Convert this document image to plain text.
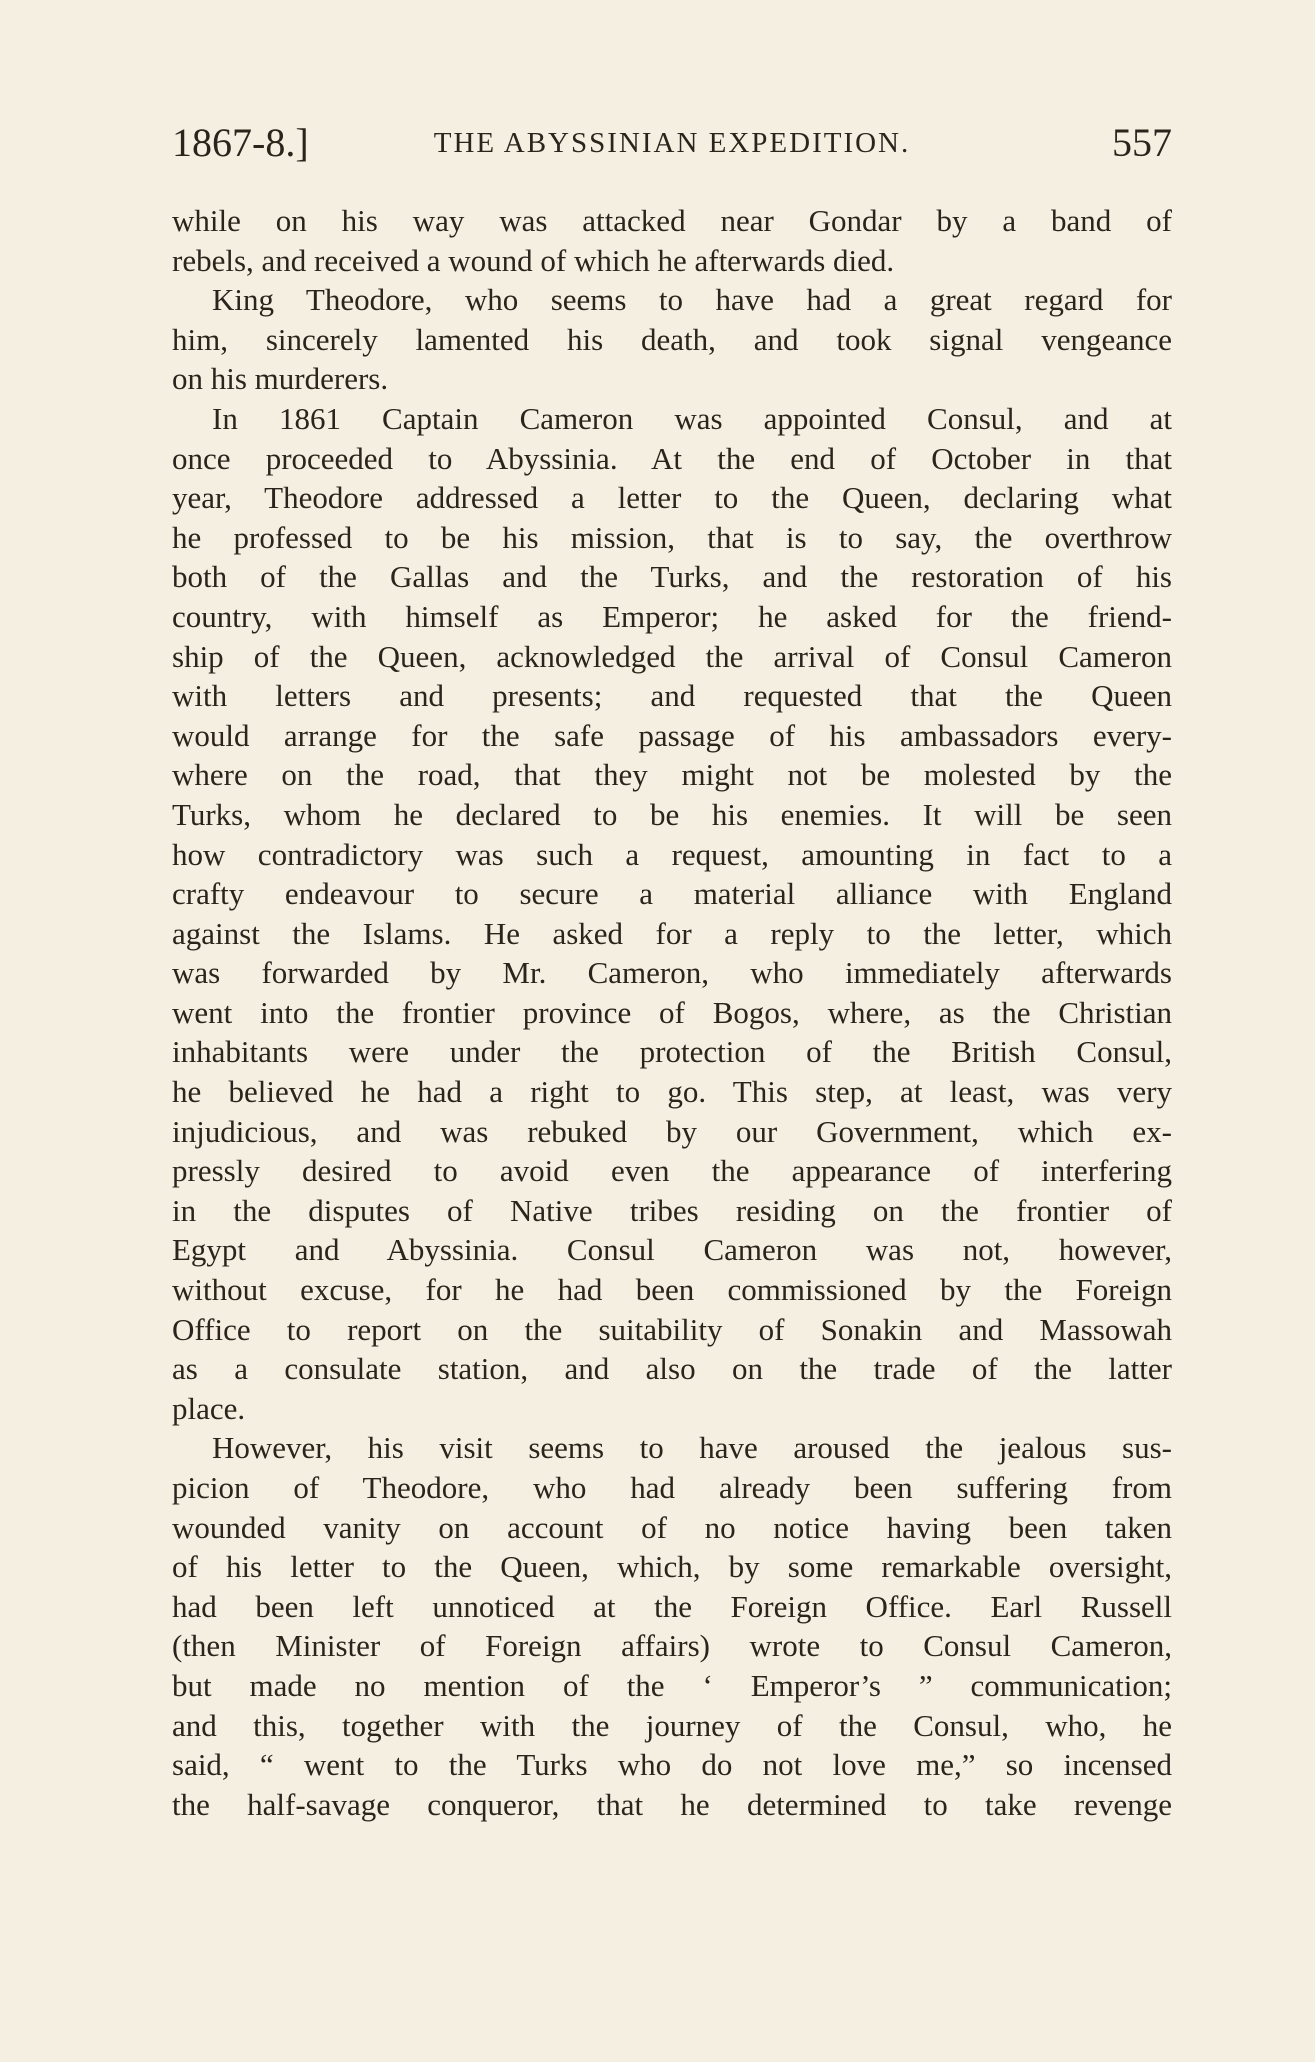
1867-8.]	THE ABYSSINIAN EXPEDITION.	557
while on his way was attacked near Gondar by a band of
rebels, and received a wound of which he afterwards died.
King Theodore, who seems to have had a great regard for
him, sincerely lamented his death, and took signal vengeance
on his murderers.
In 1861 Captain Cameron was appointed Consul, and at
once proceeded to Abyssinia. At the end of October in that
year, Theodore addressed a letter to the Queen, declaring what
he professed to be his mission, that is to say, the overthrow
both of the Gallas and the Turks, and the restoration of his
country, with himself as Emperor; he asked for the friend-
ship of the Queen, acknowledged the arrival of Consul Cameron
with letters and presents; and requested that the Queen
would arrange for the safe passage of his ambassadors every-
where on the road, that they might not be molested by the
Turks, whom he declared to be his enemies. It will be seen
how contradictory was such a request, amounting in fact to a
crafty endeavour to secure a material alliance with England
against the Islams. He asked for a reply to the letter, which
was forwarded by Mr. Cameron, who immediately afterwards
went into the frontier province of Bogos, where, as the Christian
inhabitants were under the protection of the British Consul,
he believed he had a right to go. This step, at least, was very
injudicious, and was rebuked by our Government, which ex-
pressly desired to avoid even the appearance of interfering
in the disputes of Native tribes residing on the frontier of
Egypt and Abyssinia. Consul Cameron was not, however,
without excuse, for he had been commissioned by the Foreign
Office to report on the suitability of Sonakin and Massowah
as a consulate station, and also on the trade of the latter
place.
However, his visit seems to have aroused the jealous sus-
picion of Theodore, who had already been suffering from
wounded vanity on account of no notice having been taken
of his letter to the Queen, which, by some remarkable oversight,
had been left unnoticed at the Foreign Office. Earl Russell
(then Minister of Foreign affairs) wrote to Consul Cameron,
but made no mention of the ‘ Emperor’s ” communication;
and this, together with the journey of the Consul, who, he
said, “ went to the Turks who do not love me,” so incensed
the half-savage conqueror, that he determined to take revenge
